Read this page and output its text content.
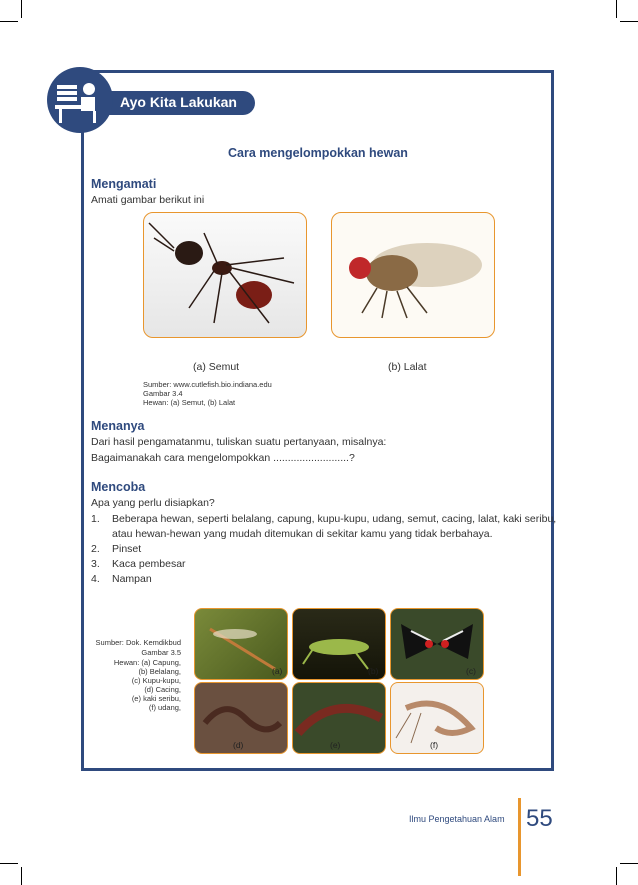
Ayo Kita Lakukan
Cara mengelompokkan hewan
Mengamati
Amati gambar berikut ini
(a) Semut	(b) Lalat
Sumber: www.cutlefish.bio.indiana.edu
Gambar 3.4
Hewan: (a) Semut, (b) Lalat
Menanya
Dari hasil pengamatanmu, tuliskan suatu pertanyaan, misalnya:
Bagaimanakah cara mengelompokkan ..........................?
Mencoba
Apa yang perlu disiapkan?
1. Beberapa hewan, seperti belalang, capung, kupu-kupu, udang, semut, cacing, lalat, kaki seribu,
atau hewan-hewan yang mudah ditemukan di sekitar kamu yang tidak berbahaya.
2. Pinset
3. Kaca pembesar
4. Nampan
Sumber: Dok. Kemdikbud
Gambar 3.5
Hewan: (a) Capung,
(b) Belalang,
(c) Kupu-kupu,
(d) Cacing,
(e) kaki seribu,
(f) udang,
(a)	(b)	(c)
(d)	(e)	(f)
Ilmu Pengetahuan Alam 55
